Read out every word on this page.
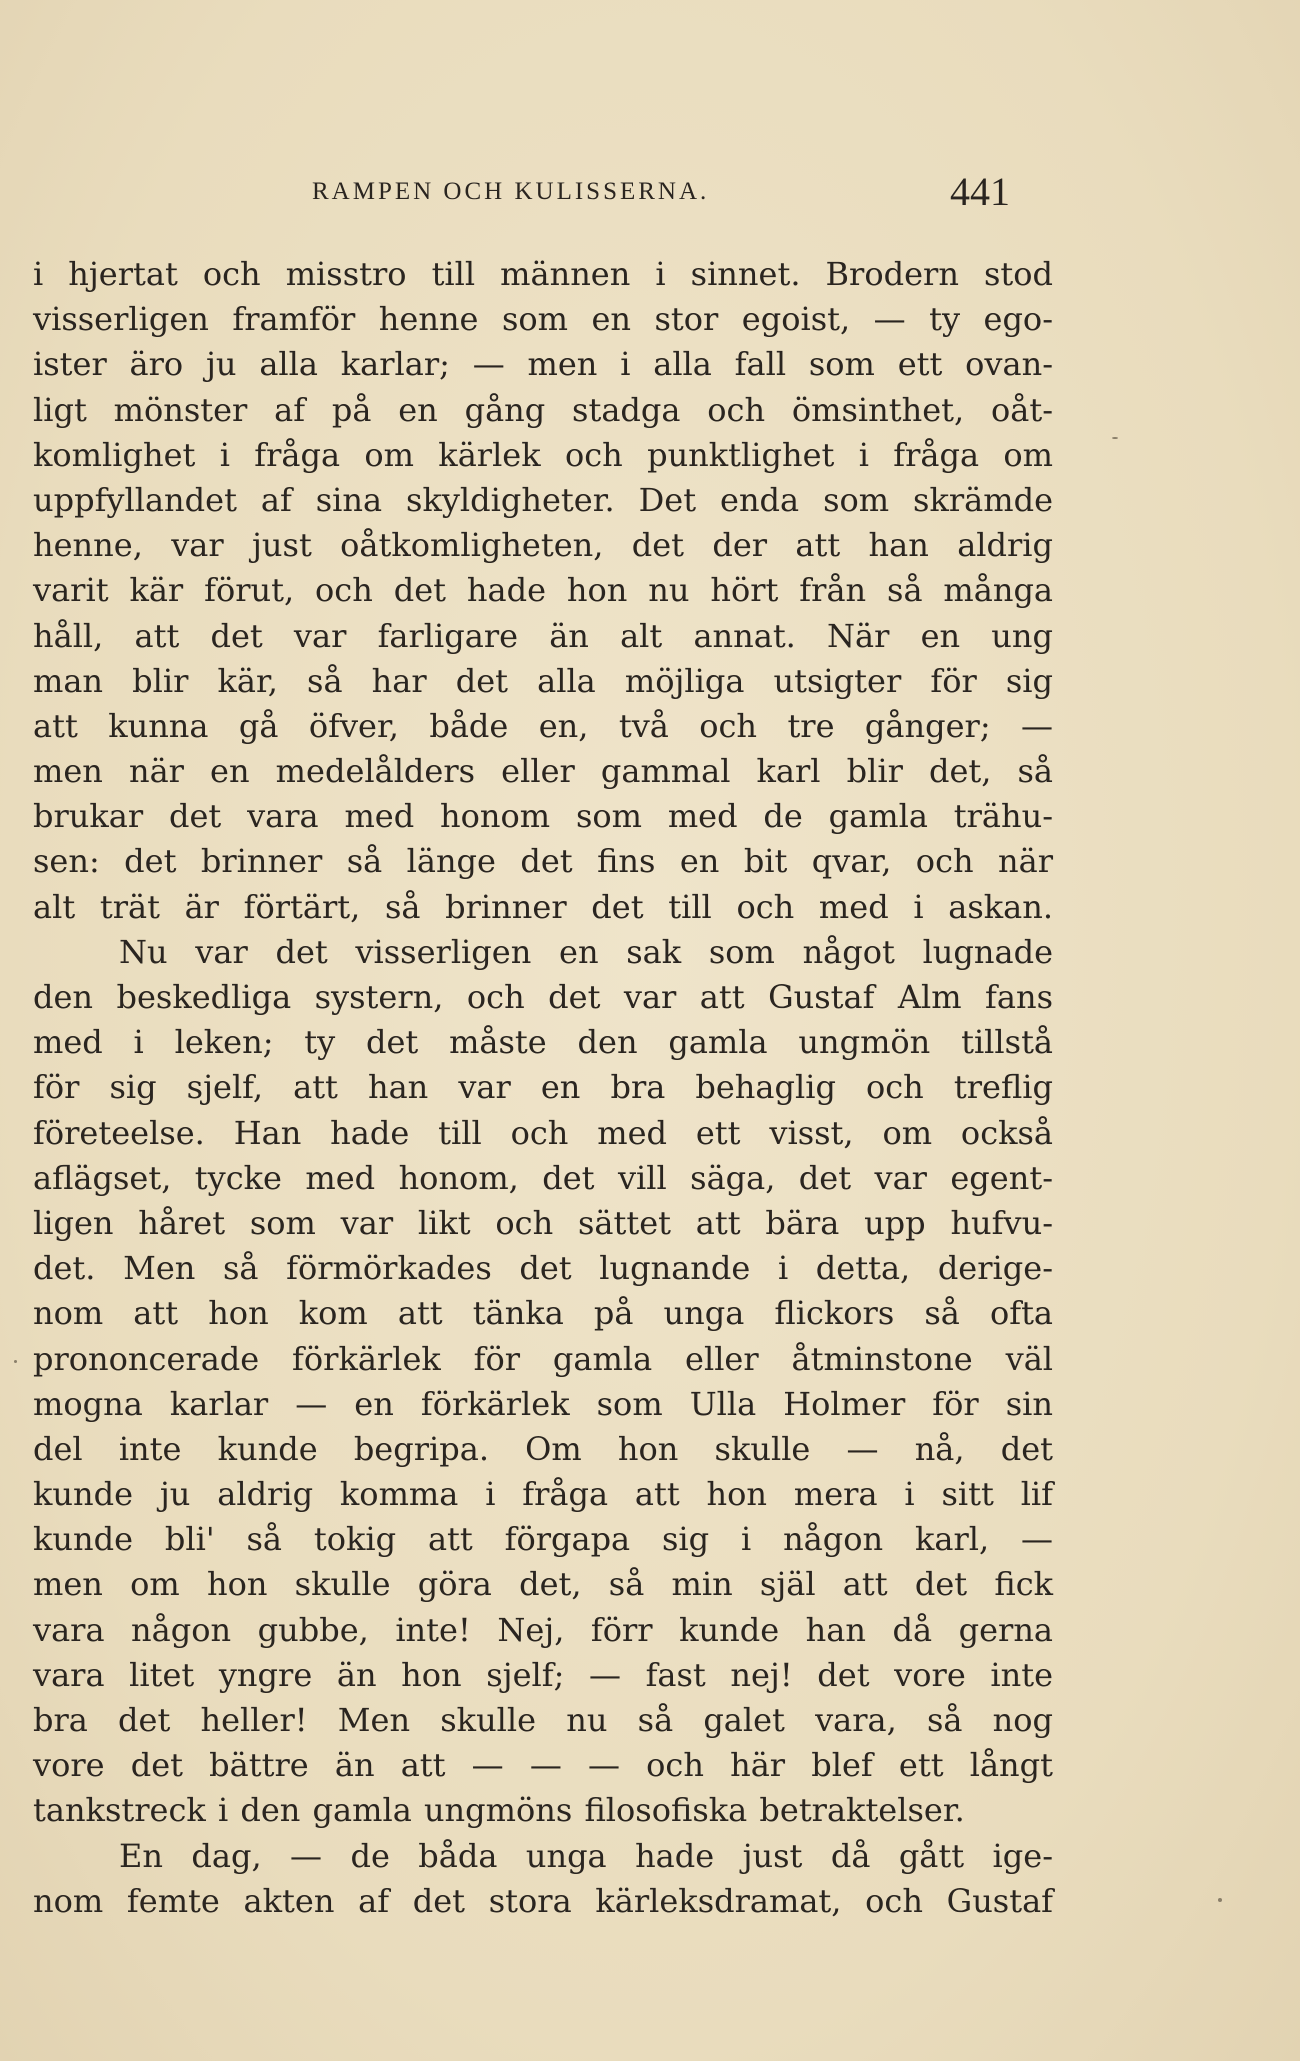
RAMPEN OCH KULISSERNA.	441
i hjertat och misstro till männen i sinnet. Brodern stod
visserligen framför henne som en stor egoist, — ty ego-
ister äro ju alla karlar; — men i alla fall som ett ovan-
ligt mönster af på en gång stadga och ömsinthet, oåt-
komlighet i fråga om kärlek och punktlighet i fråga om
uppfyllandet af sina skyldigheter. Det enda som skrämde
henne, var just oåtkomligheten, det der att han aldrig
varit kär förut, och det hade hon nu hört från så många
håll, att det var farligare än alt annat. När en ung
man blir kär, så har det alla möjliga utsigter för sig
att kunna gå öfver, både en, två och tre gånger; —
men när en medelålders eller gammal karl blir det, så
brukar det vara med honom som med de gamla trähu-
sen: det brinner så länge det fins en bit qvar, och när
alt trät är förtärt, så brinner det till och med i askan.
Nu var det visserligen en sak som något lugnade
den beskedliga systern, och det var att Gustaf Alm fans
med i leken; ty det måste den gamla ungmön tillstå
för sig sjelf, att han var en bra behaglig och treflig
företeelse. Han hade till och med ett visst, om också
aflägset, tycke med honom, det vill säga, det var egent-
ligen håret som var likt och sättet att bära upp hufvu-
det. Men så förmörkades det lugnande i detta, derige-
nom att hon kom att tänka på unga flickors så ofta
prononcerade förkärlek för gamla eller åtminstone väl
mogna karlar — en förkärlek som Ulla Holmer för sin
del inte kunde begripa. Om hon skulle — nå, det
kunde ju aldrig komma i fråga att hon mera i sitt lif
kunde bli' så tokig att förgapa sig i någon karl, —
men om hon skulle göra det, så min själ att det fick
vara någon gubbe, inte! Nej, förr kunde han då gerna
vara litet yngre än hon sjelf; — fast nej! det vore inte
bra det heller! Men skulle nu så galet vara, så nog
vore det bättre än att — — — och här blef ett långt
tankstreck i den gamla ungmöns filosofiska betraktelser.
En dag, — de båda unga hade just då gått ige-
nom femte akten af det stora kärleksdramat, och Gustaf
